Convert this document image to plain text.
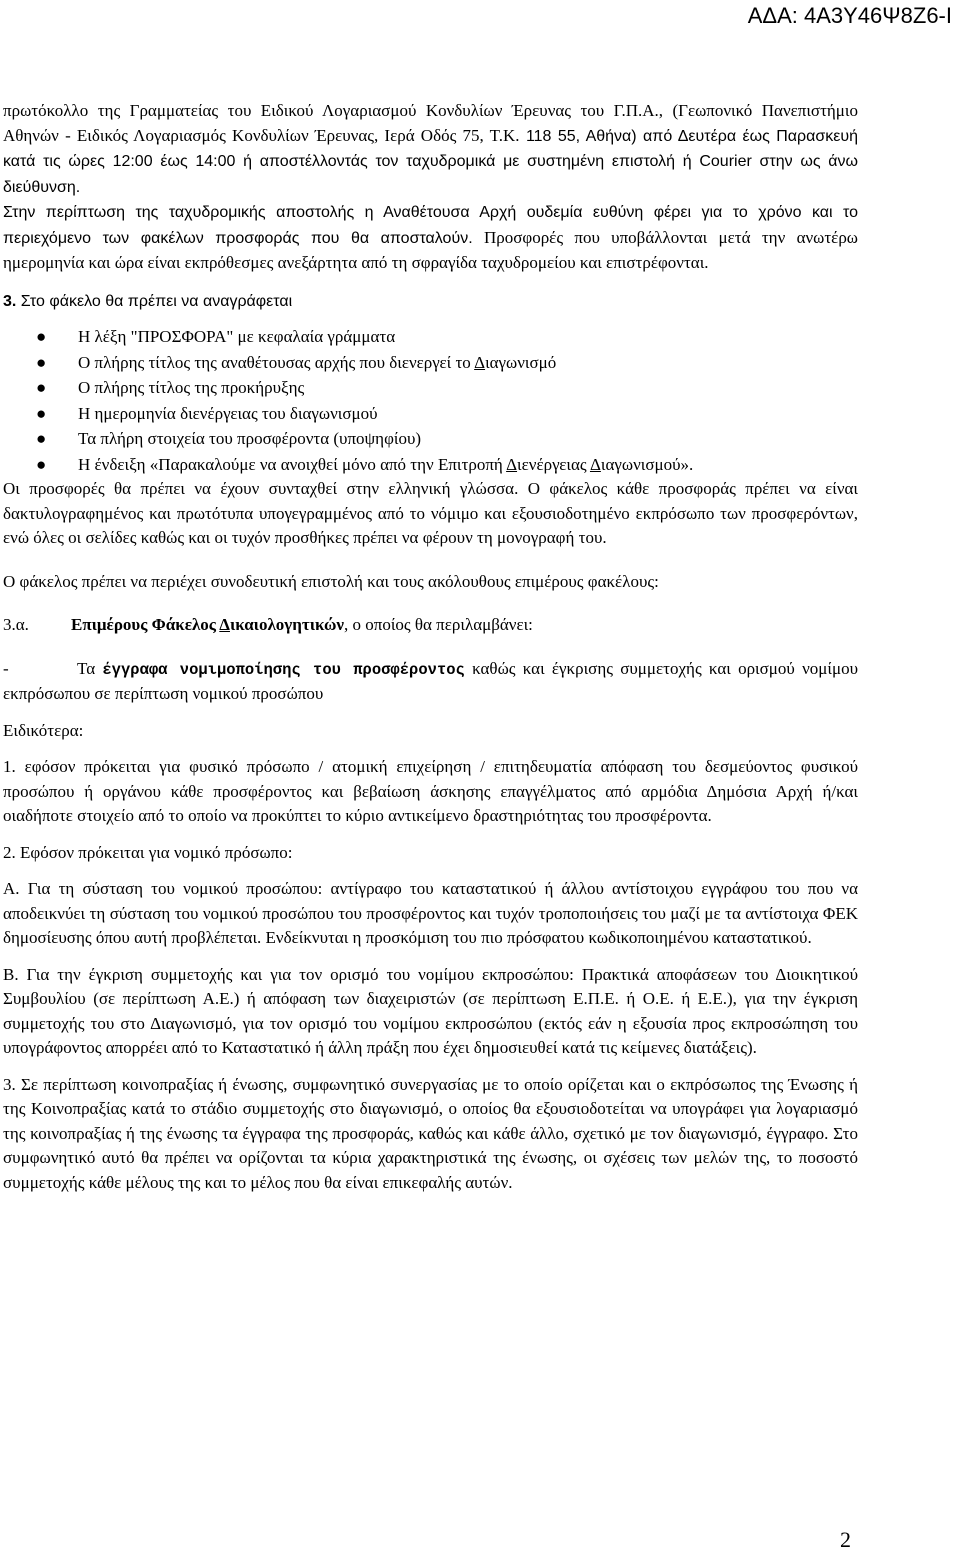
ΑΔΑ: 4Α3Υ46Ψ8Ζ6-Ι

πρωτόκολλο της Γραμματείας του Ειδικού Λογαριασμού Κονδυλίων Έρευνας του Γ.Π.Α., (Γεωπονικό Πανεπιστήμιο Αθηνών - Ειδικός Λογαριασμός Κονδυλίων Έρευνας, Ιερά Οδός 75, Τ.Κ. 118 55, Αθήνα) από Δευτέρα έως Παρασκευή κατά τις ώρες 12:00 έως 14:00 ή αποστέλλοντάς τον ταχυδρομικά με συστημένη επιστολή ή Courier στην ως άνω διεύθυνση.
Στην περίπτωση της ταχυδρομικής αποστολής η Αναθέτουσα Αρχή ουδεμία ευθύνη φέρει για το χρόνο και το περιεχόμενο των φακέλων προσφοράς που θα αποσταλούν. Προσφορές που υποβάλλονται μετά την ανωτέρω ημερομηνία και ώρα είναι εκπρόθεσμες ανεξάρτητα από τη σφραγίδα ταχυδρομείου και επιστρέφονται.

3. Στο φάκελο θα πρέπει να αναγράφεται

● Η λέξη "ΠΡΟΣΦΟΡΑ" με κεφαλαία γράμματα
● Ο πλήρης τίτλος της αναθέτουσας αρχής που διενεργεί το Διαγωνισμό
● Ο πλήρης τίτλος της προκήρυξης
● Η ημερομηνία διενέργειας του διαγωνισμού
● Τα πλήρη στοιχεία του προσφέροντα (υποψηφίου)
● Η ένδειξη «Παρακαλούμε να ανοιχθεί μόνο από την Επιτροπή Διενέργειας Διαγωνισμού».

Οι προσφορές θα πρέπει να έχουν συνταχθεί στην ελληνική γλώσσα. Ο φάκελος κάθε προσφοράς πρέπει να είναι δακτυλογραφημένος και πρωτότυπα υπογεγραμμένος από το νόμιμο και εξουσιοδοτημένο εκπρόσωπο των προσφερόντων, ενώ όλες οι σελίδες καθώς και οι τυχόν προσθήκες πρέπει να φέρουν τη μονογραφή του.

Ο φάκελος πρέπει να περιέχει συνοδευτική επιστολή και τους ακόλουθους επιμέρους φακέλους:

3.α. Επιμέρους Φάκελος Δικαιολογητικών, ο οποίος θα περιλαμβάνει:

-	Τα έγγραφα νομιμοποίησης του προσφέροντος καθώς και έγκρισης συμμετοχής και ορισμού νομίμου εκπρόσωπου σε περίπτωση νομικού προσώπου

Ειδικότερα:

1. εφόσον πρόκειται για φυσικό πρόσωπο / ατομική επιχείρηση / επιτηδευματία απόφαση του δεσμεύοντος φυσικού προσώπου ή οργάνου κάθε προσφέροντος και βεβαίωση άσκησης επαγγέλματος από αρμόδια Δημόσια Αρχή ή/και οιαδήποτε στοιχείο από το οποίο να προκύπτει το κύριο αντικείμενο δραστηριότητας του προσφέροντα.

2. Εφόσον πρόκειται για νομικό πρόσωπο:

Α. Για τη σύσταση του νομικού προσώπου: αντίγραφο του καταστατικού ή άλλου αντίστοιχου εγγράφου του που να αποδεικνύει τη σύσταση του νομικού προσώπου του προσφέροντος και τυχόν τροποποιήσεις του μαζί με τα αντίστοιχα ΦΕΚ δημοσίευσης όπου αυτή προβλέπεται. Ενδείκνυται η προσκόμιση του πιο πρόσφατου κωδικοποιημένου καταστατικού.

Β. Για την έγκριση συμμετοχής και για τον ορισμό του νομίμου εκπροσώπου: Πρακτικά αποφάσεων του Διοικητικού Συμβουλίου (σε περίπτωση Α.Ε.) ή απόφαση των διαχειριστών (σε περίπτωση Ε.Π.Ε. ή Ο.Ε. ή Ε.Ε.), για την έγκριση συμμετοχής του στο Διαγωνισμό, για τον ορισμό του νομίμου εκπροσώπου (εκτός εάν η εξουσία προς εκπροσώπηση του υπογράφοντος απορρέει από το Καταστατικό ή άλλη πράξη που έχει δημοσιευθεί κατά τις κείμενες διατάξεις).

3. Σε περίπτωση κοινοπραξίας ή ένωσης, συμφωνητικό συνεργασίας με το οποίο ορίζεται και ο εκπρόσωπος της Ένωσης ή της Κοινοπραξίας κατά το στάδιο συμμετοχής στο διαγωνισμό, ο οποίος θα εξουσιοδοτείται να υπογράφει για λογαριασμό της κοινοπραξίας ή της ένωσης τα έγγραφα της προσφοράς, καθώς και κάθε άλλο, σχετικό με τον διαγωνισμό, έγγραφο. Στο συμφωνητικό αυτό θα πρέπει να ορίζονται τα κύρια χαρακτηριστικά της ένωσης, οι σχέσεις των μελών της, το ποσοστό συμμετοχής κάθε μέλους της και το μέλος που θα είναι επικεφαλής αυτών.

2
